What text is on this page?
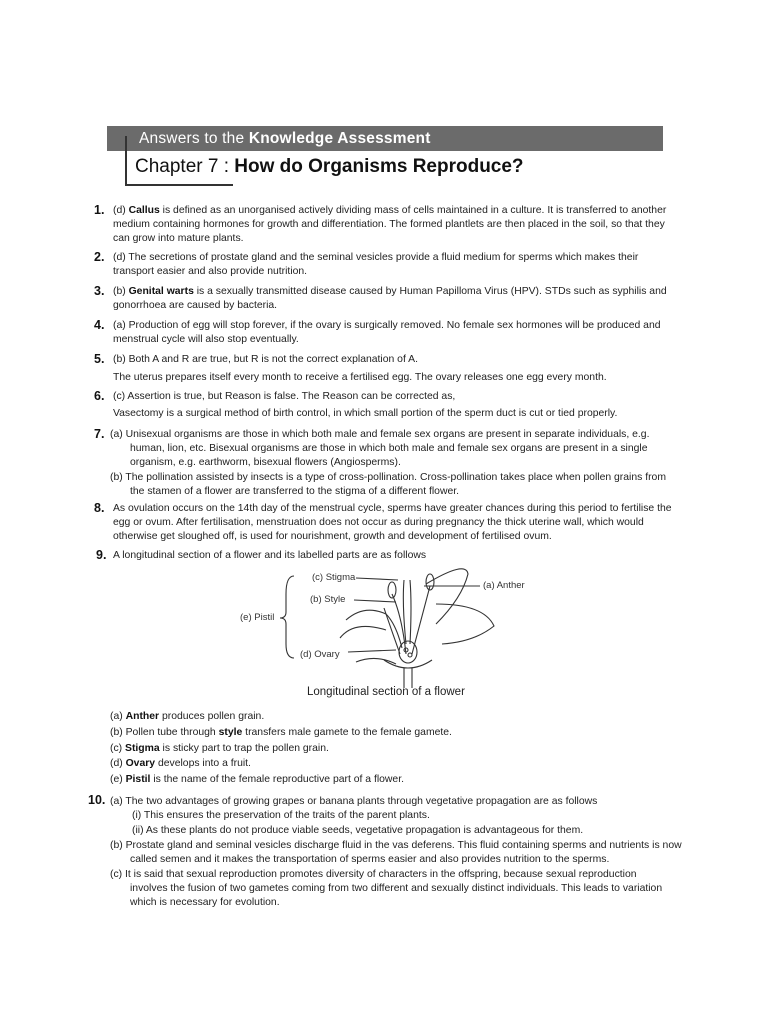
Answers to the Knowledge Assessment
Chapter 7 : How do Organisms Reproduce?
1.
2.
3.
4.
5.
6.
7.
8.
9.
10.
(d) Callus is defined as an unorganised actively dividing mass of cells maintained in a culture. It is transferred to another
medium containing hormones for growth and differentiation. The formed plantlets are then placed in the soil, so that they
can grow into mature plants.
(d) The secretions of prostate gland and the seminal vesicles provide a fluid medium for sperms which makes their
transport easier and also provide nutrition.
(b) Genital warts is a sexually transmitted disease caused by Human Papilloma Virus (HPV). STDs such as syphilis and
gonorrhoea are caused by bacteria.
(a) Production of egg will stop forever, if the ovary is surgically removed. No female sex hormones will be produced and
menstrual cycle will also stop eventually.
(b) Both A and R are true, but R is not the correct explanation of A.
The uterus prepares itself every month to receive a fertilised egg. The ovary releases one egg every month.
(c) Assertion is true, but Reason is false. The Reason can be corrected as,
Vasectomy is a surgical method of birth control, in which small portion of the sperm duct is cut or tied properly.
(a) Unisexual organisms are those in which both male and female sex organs are present in separate individuals, e.g.
human, lion, etc. Bisexual organisms are those in which both male and female sex organs are present in a single
organism, e.g. earthworm, bisexual flowers (Angiosperms).
(b) The pollination assisted by insects is a type of cross-pollination. Cross-pollination takes place when pollen grains from
the stamen of a flower are transferred to the stigma of a different flower.
As ovulation occurs on the 14th day of the menstrual cycle, sperms have greater chances during this period to fertilise the
egg or ovum. After fertilisation, menstruation does not occur as during pregnancy the thick uterine wall, which would
otherwise get sloughed off, is used for nourishment, growth and development of fertilised ovum.
A longitudinal section of a flower and its labelled parts are as follows
(c) Stigma
(b) Style
(e) Pistil
(d) Ovary
(a) Anther
Longitudinal section of a flower
(a) Anther produces pollen grain.
(b) Pollen tube through style transfers male gamete to the female gamete.
(c) Stigma is sticky part to trap the pollen grain.
(d) Ovary develops into a fruit.
(e) Pistil is the name of the female reproductive part of a flower.
(a) The two advantages of growing grapes or banana plants through vegetative propagation are as follows
(i) This ensures the preservation of the traits of the parent plants.
(ii) As these plants do not produce viable seeds, vegetative propagation is advantageous for them.
(b) Prostate gland and seminal vesicles discharge fluid in the vas deferens. This fluid containing sperms and nutrients is now
called semen and it makes the transportation of sperms easier and also provides nutrition to the sperms.
(c) It is said that sexual reproduction promotes diversity of characters in the offspring, because sexual reproduction
involves the fusion of two gametes coming from two different and sexually distinct individuals. This leads to variation
which is necessary for evolution.
